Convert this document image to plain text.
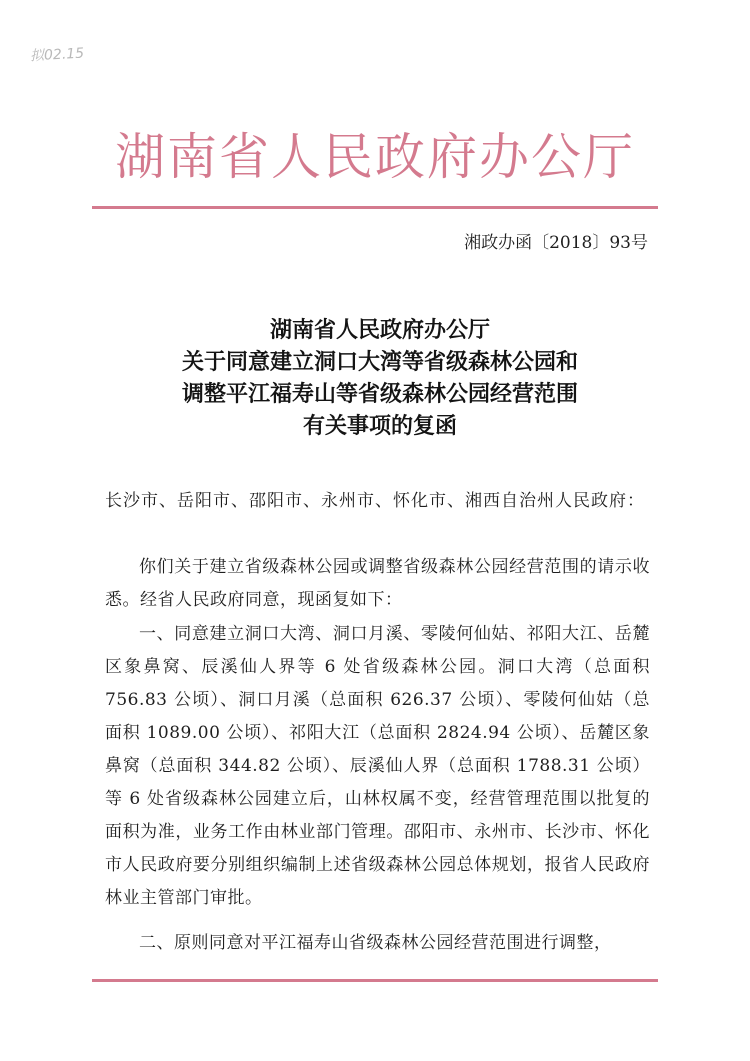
拟02.15
湖南省人民政府办公厅
湘政办函〔2018〕93号
湖南省人民政府办公厅
关于同意建立洞口大湾等省级森林公园和
调整平江福寿山等省级森林公园经营范围
有关事项的复函
长沙市、岳阳市、邵阳市、永州市、怀化市、湘西自治州人民政府：
你们关于建立省级森林公园或调整省级森林公园经营范围的请示收悉。经省人民政府同意，现函复如下：
一、同意建立洞口大湾、洞口月溪、零陵何仙姑、祁阳大江、岳麓区象鼻窝、辰溪仙人界等 6 处省级森林公园。洞口大湾（总面积 756.83 公顷）、洞口月溪（总面积 626.37 公顷）、零陵何仙姑（总面积 1089.00 公顷）、祁阳大江（总面积 2824.94 公顷）、岳麓区象鼻窝（总面积 344.82 公顷）、辰溪仙人界（总面积 1788.31 公顷）等 6 处省级森林公园建立后，山林权属不变，经营管理范围以批复的面积为准，业务工作由林业部门管理。邵阳市、永州市、长沙市、怀化市人民政府要分别组织编制上述省级森林公园总体规划，报省人民政府林业主管部门审批。
二、原则同意对平江福寿山省级森林公园经营范围进行调整，
